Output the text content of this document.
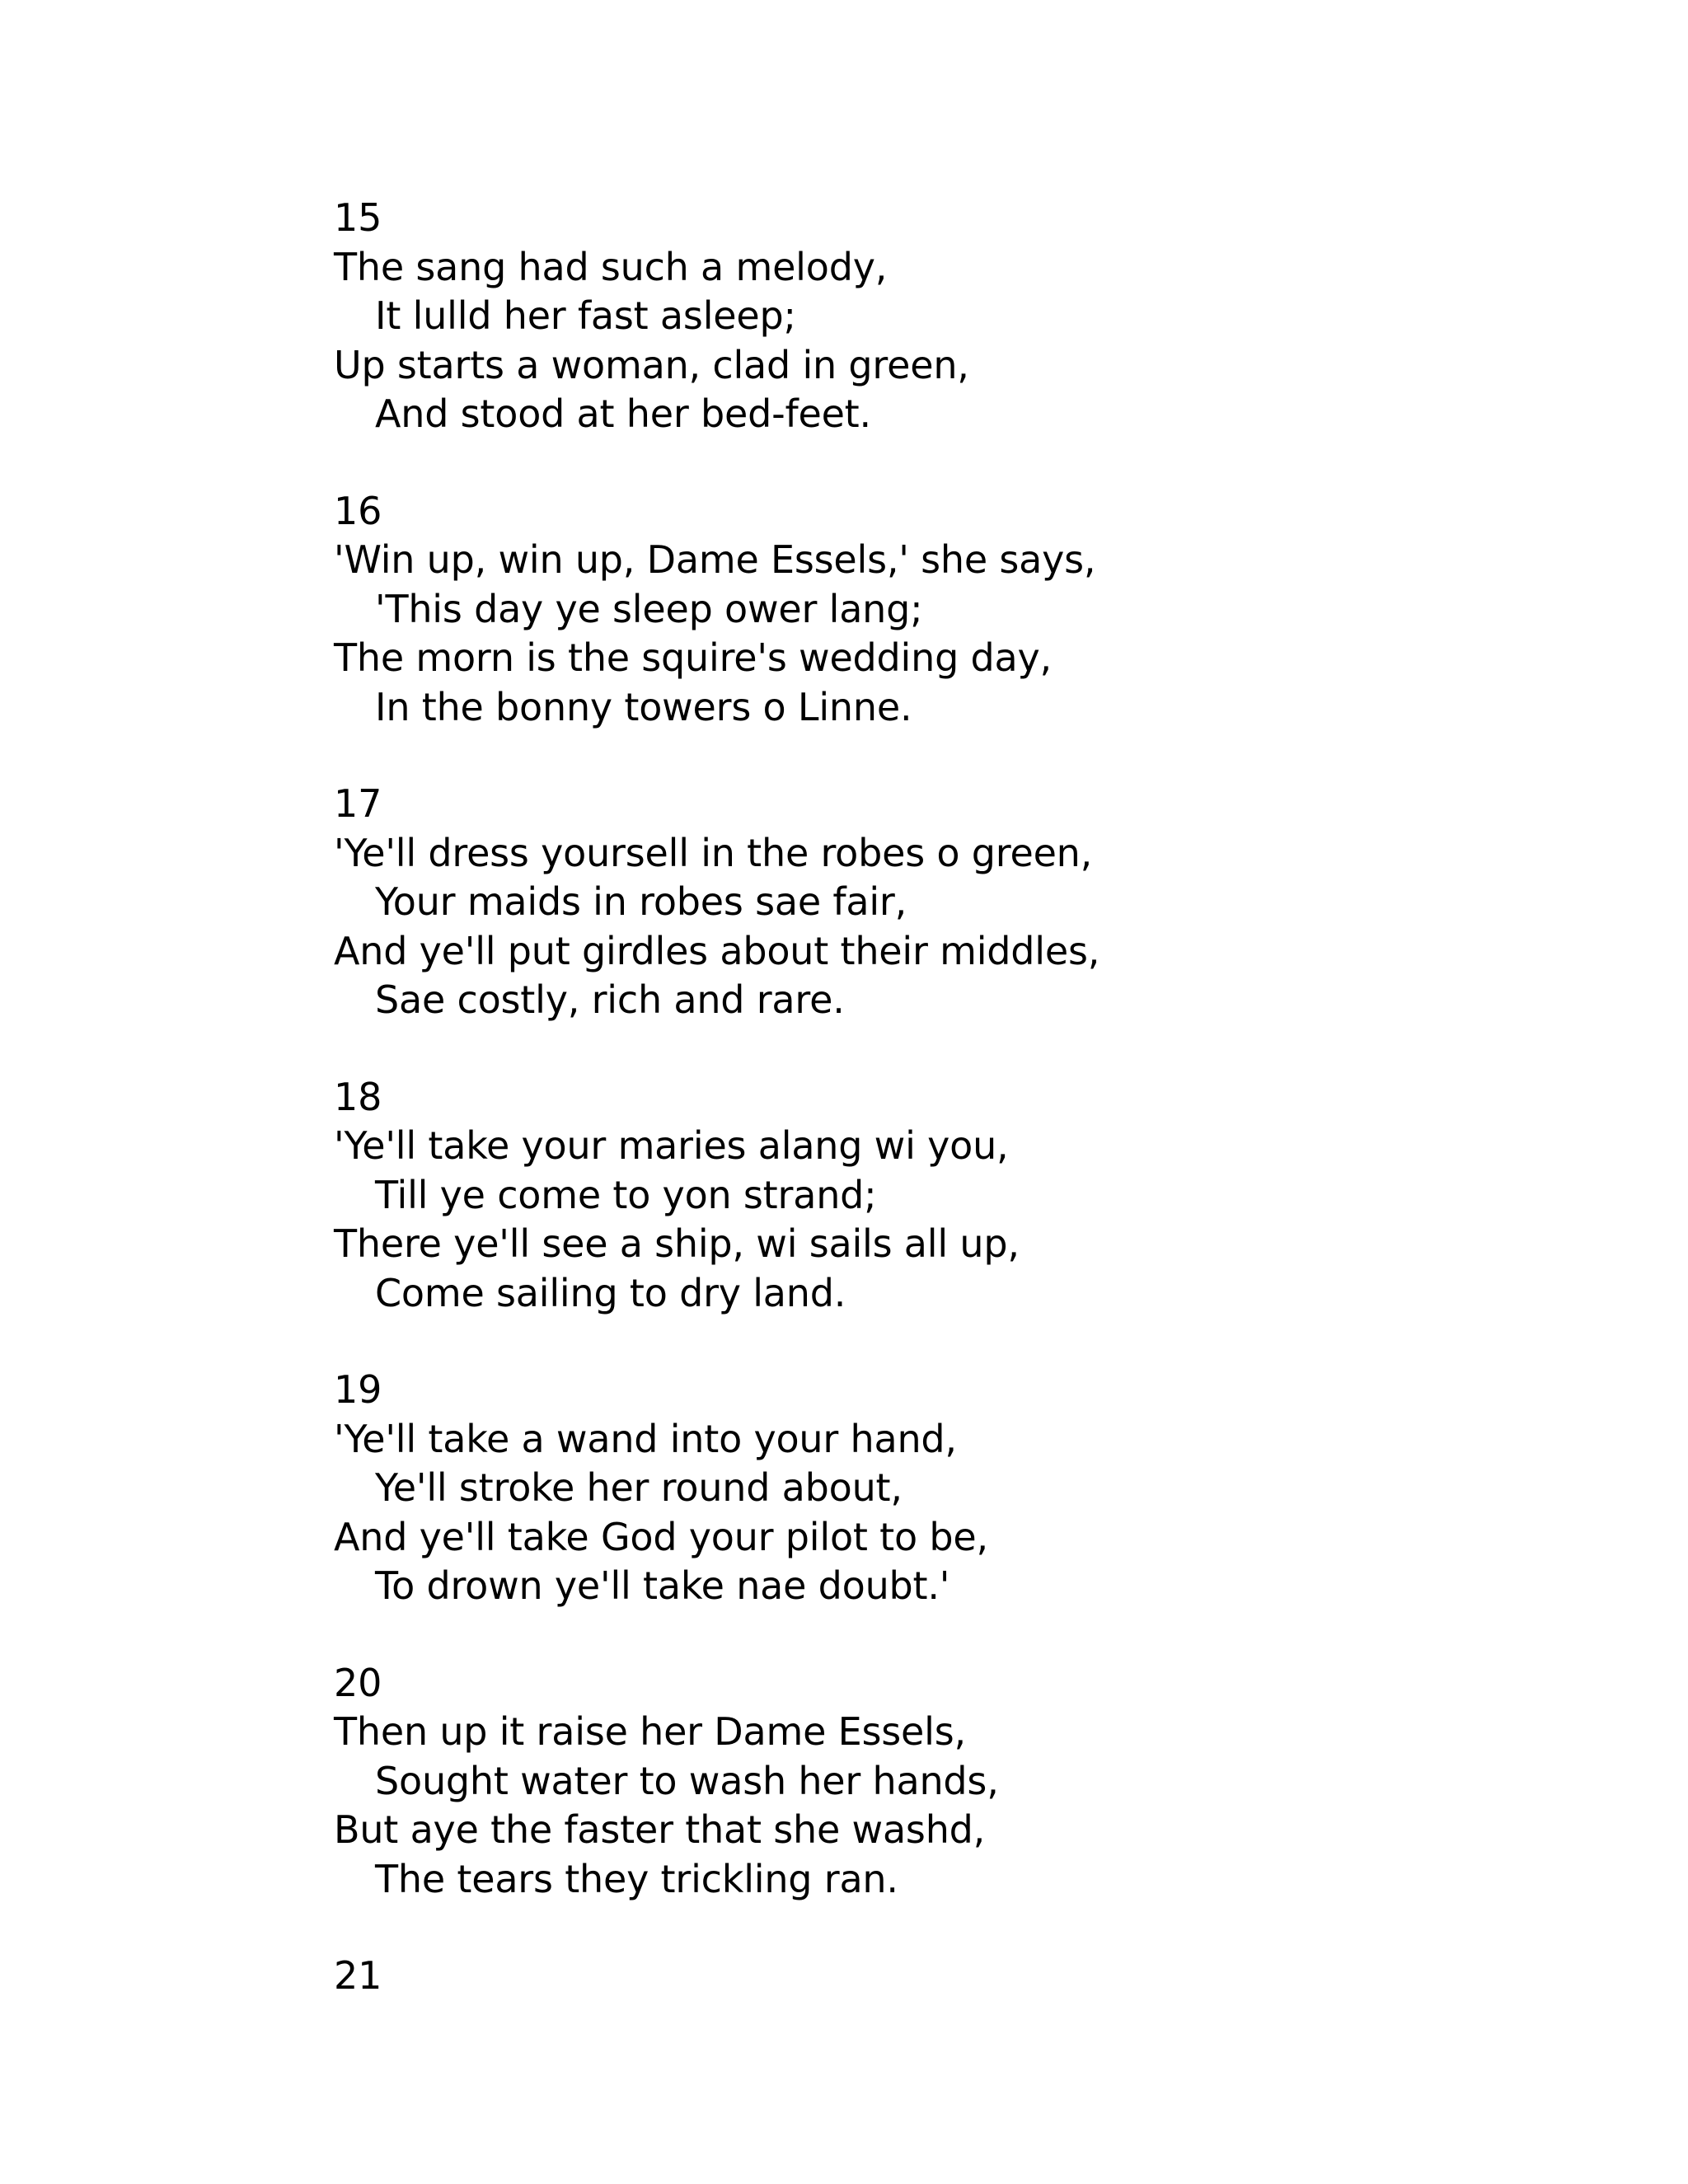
15
The sang had such a melody,
It lulld her fast asleep;
Up starts a woman, clad in green,
And stood at her bed-feet.
16
'Win up, win up, Dame Essels,' she says,
'This day ye sleep ower lang;
The morn is the squire's wedding day,
In the bonny towers o Linne.
17
'Ye'll dress yoursell in the robes o green,
Your maids in robes sae fair,
And ye'll put girdles about their middles,
Sae costly, rich and rare.
18
'Ye'll take your maries alang wi you,
Till ye come to yon strand;
There ye'll see a ship, wi sails all up,
Come sailing to dry land.
19
'Ye'll take a wand into your hand,
Ye'll stroke her round about,
And ye'll take God your pilot to be,
To drown ye'll take nae doubt.'
20
Then up it raise her Dame Essels,
Sought water to wash her hands,
But aye the faster that she washd,
The tears they trickling ran.
21
